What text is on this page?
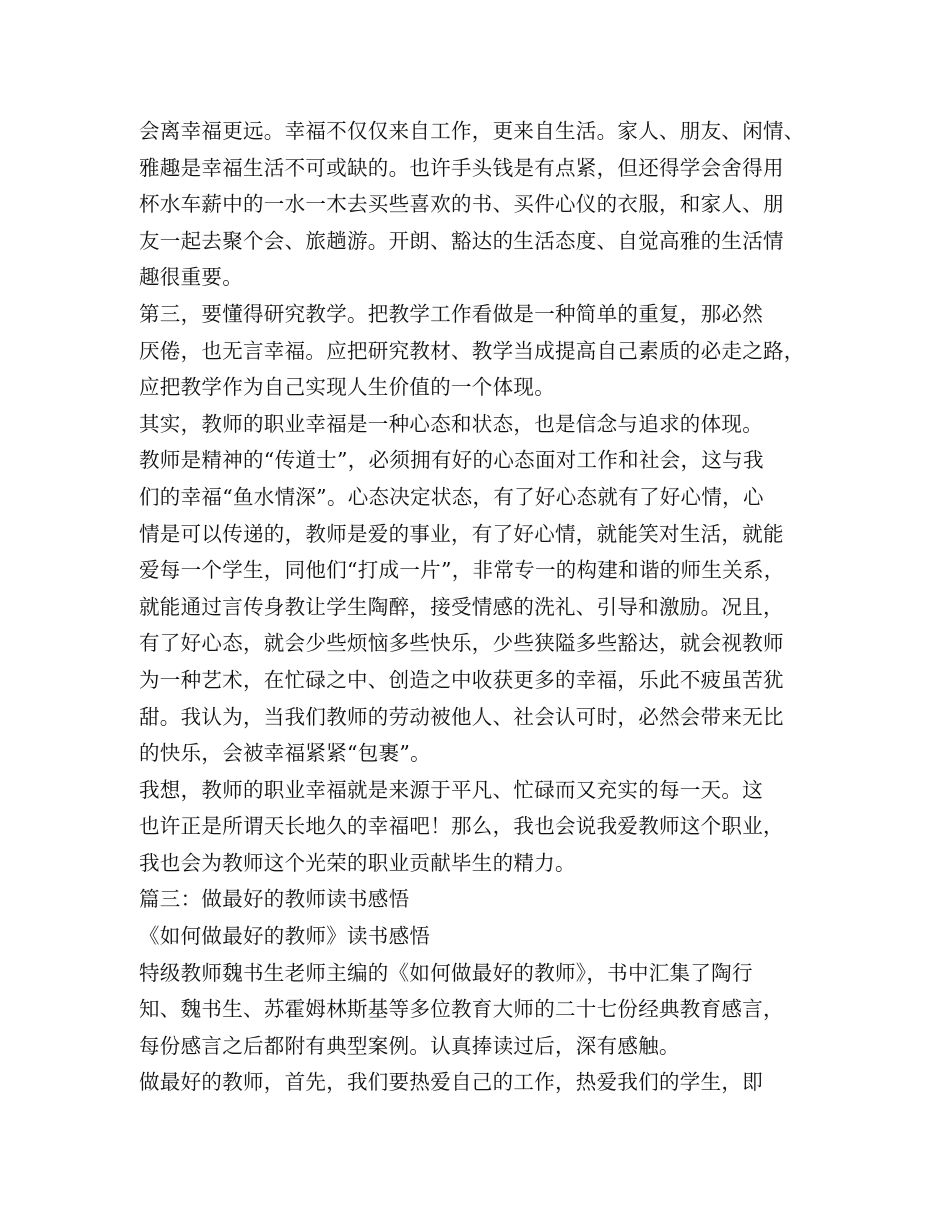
会离幸福更远。幸福不仅仅来自工作，更来自生活。家人、朋友、闲情、
雅趣是幸福生活不可或缺的。也许手头钱是有点紧，但还得学会舍得用
杯水车薪中的一水一木去买些喜欢的书、买件心仪的衣服，和家人、朋
友一起去聚个会、旅趟游。开朗、豁达的生活态度、自觉高雅的生活情
趣很重要。
第三，要懂得研究教学。把教学工作看做是一种简单的重复，那必然
厌倦，也无言幸福。应把研究教材、教学当成提高自己素质的必走之路，
应把教学作为自己实现人生价值的一个体现。
其实，教师的职业幸福是一种心态和状态，也是信念与追求的体现。
教师是精神的“传道士”，必须拥有好的心态面对工作和社会，这与我
们的幸福“鱼水情深”。心态决定状态，有了好心态就有了好心情，心
情是可以传递的，教师是爱的事业，有了好心情，就能笑对生活，就能
爱每一个学生，同他们“打成一片”，非常专一的构建和谐的师生关系，
就能通过言传身教让学生陶醉，接受情感的洗礼、引导和激励。况且，
有了好心态，就会少些烦恼多些快乐，少些狭隘多些豁达，就会视教师
为一种艺术，在忙碌之中、创造之中收获更多的幸福，乐此不疲虽苦犹
甜。我认为，当我们教师的劳动被他人、社会认可时，必然会带来无比
的快乐，会被幸福紧紧“包裹”。
我想，教师的职业幸福就是来源于平凡、忙碌而又充实的每一天。这
也许正是所谓天长地久的幸福吧！那么，我也会说我爱教师这个职业，
我也会为教师这个光荣的职业贡献毕生的精力。
篇三：做最好的教师读书感悟
《如何做最好的教师》读书感悟
特级教师魏书生老师主编的《如何做最好的教师》，书中汇集了陶行
知、魏书生、苏霍姆林斯基等多位教育大师的二十七份经典教育感言，
每份感言之后都附有典型案例。认真捧读过后，深有感触。
做最好的教师，首先，我们要热爱自己的工作，热爱我们的学生，即
